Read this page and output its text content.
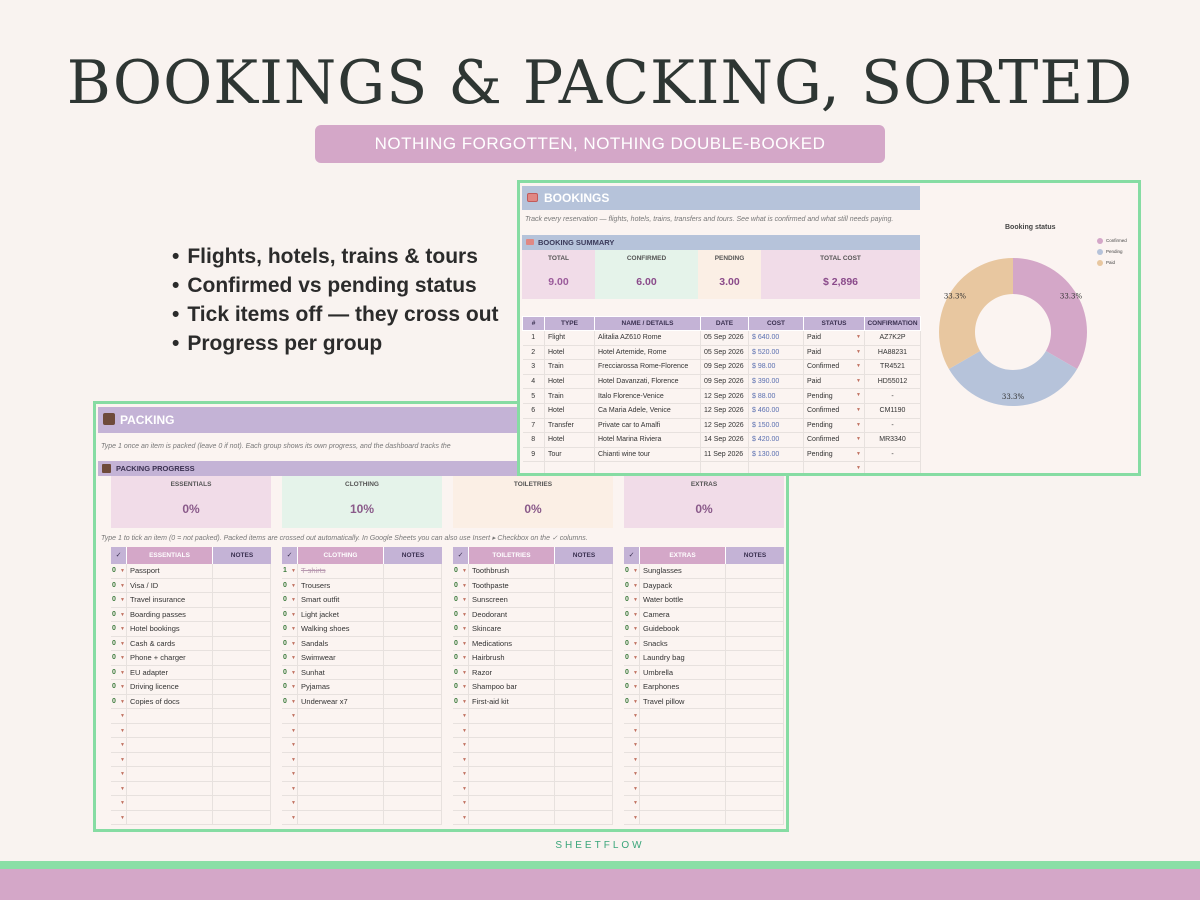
BOOKINGS & PACKING, SORTED
NOTHING FORGOTTEN, NOTHING DOUBLE-BOOKED
• Flights, hotels, trains & tours
• Confirmed vs pending status
• Tick items off — they cross out
• Progress per group
BOOKINGS
Track every reservation — flights, hotels, trains, transfers and tours. See what is confirmed and what still needs paying.
BOOKING SUMMARY
TOTAL
9.00
CONFIRMED
6.00
PENDING
3.00
TOTAL COST
$ 2,896
#	TYPE	NAME / DETAILS	DATE	COST	STATUS	CONFIRMATION
1	Flight	Alitalia AZ610 Rome	05 Sep 2026	$ 640.00	Paid ▼	AZ7K2P
2	Hotel	Hotel Artemide, Rome	05 Sep 2026	$ 520.00	Paid ▼	HA88231
3	Train	Frecciarossa Rome-Florence	09 Sep 2026	$ 98.00	Confirmed ▼	TR4521
4	Hotel	Hotel Davanzati, Florence	09 Sep 2026	$ 390.00	Paid ▼	HD55012
5	Train	Italo Florence-Venice	12 Sep 2026	$ 88.00	Pending ▼	-
6	Hotel	Ca Maria Adele, Venice	12 Sep 2026	$ 460.00	Confirmed ▼	CM1190
7	Transfer	Private car to Amalfi	12 Sep 2026	$ 150.00	Pending ▼	-
8	Hotel	Hotel Marina Riviera	14 Sep 2026	$ 420.00	Confirmed ▼	MR3340
9	Tour	Chianti wine tour	11 Sep 2026	$ 130.00	Pending ▼	-

					▼	

Booking status
Confirmed
Pending
Paid
33.3%
33.3%
33.3%
PACKING
Type 1 once an item is packed (leave 0 if not). Each group shows its own progress, and the dashboard tracks the
PACKING PROGRESS
ESSENTIALS
0%
CLOTHING
10%
TOILETRIES
0%
EXTRAS
0%
Type 1 to tick an item (0 = not packed). Packed items are crossed out automatically. In Google Sheets you can also use Insert ▸ Checkbox on the ✓ columns.
✓	ESSENTIALS	NOTES
0 ▼ Passport
0 ▼ Visa / ID
0 ▼ Travel insurance
0 ▼ Boarding passes
0 ▼ Hotel bookings
0 ▼ Cash & cards
0 ▼ Phone + charger
0 ▼ EU adapter
0 ▼ Driving licence
0 ▼ Copies of docs
▼
▼
▼
▼
▼
▼
▼
▼
✓	CLOTHING	NOTES
1 ▼ T-shirts
0 ▼ Trousers
0 ▼ Smart outfit
0 ▼ Light jacket
0 ▼ Walking shoes
0 ▼ Sandals
0 ▼ Swimwear
0 ▼ Sunhat
0 ▼ Pyjamas
0 ▼ Underwear x7
▼
▼
▼
▼
▼
▼
▼
▼
✓	TOILETRIES	NOTES
0 ▼ Toothbrush
0 ▼ Toothpaste
0 ▼ Sunscreen
0 ▼ Deodorant
0 ▼ Skincare
0 ▼ Medications
0 ▼ Hairbrush
0 ▼ Razor
0 ▼ Shampoo bar
0 ▼ First-aid kit
▼
▼
▼
▼
▼
▼
▼
▼
✓	EXTRAS	NOTES
0 ▼ Sunglasses
0 ▼ Daypack
0 ▼ Water bottle
0 ▼ Camera
0 ▼ Guidebook
0 ▼ Snacks
0 ▼ Laundry bag
0 ▼ Umbrella
0 ▼ Earphones
0 ▼ Travel pillow
▼
▼
▼
▼
▼
▼
▼
▼
SHEETFLOW
